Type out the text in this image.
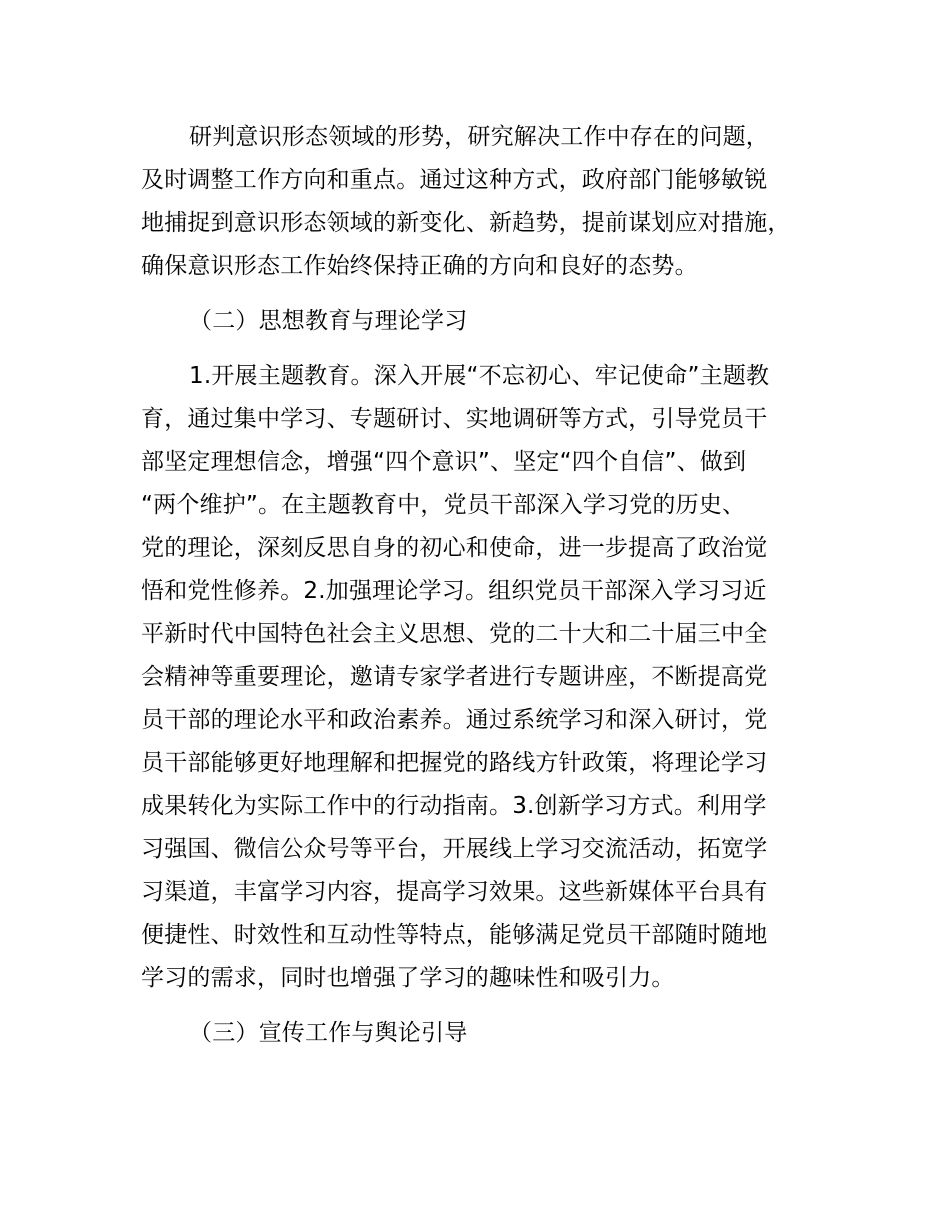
研判意识形态领域的形势，研究解决工作中存在的问题，

及时调整工作方向和重点。通过这种方式，政府部门能够敏锐

地捕捉到意识形态领域的新变化、新趋势，提前谋划应对措施，

确保意识形态工作始终保持正确的方向和良好的态势。

（二）思想教育与理论学习

1.开展主题教育。深入开展“不忘初心、牢记使命”主题教

育，通过集中学习、专题研讨、实地调研等方式，引导党员干

部坚定理想信念，增强“四个意识”、坚定“四个自信”、做到

“两个维护”。在主题教育中，党员干部深入学习党的历史、

党的理论，深刻反思自身的初心和使命，进一步提高了政治觉

悟和党性修养。2.加强理论学习。组织党员干部深入学习习近

平新时代中国特色社会主义思想、党的二十大和二十届三中全

会精神等重要理论，邀请专家学者进行专题讲座，不断提高党

员干部的理论水平和政治素养。通过系统学习和深入研讨，党

员干部能够更好地理解和把握党的路线方针政策，将理论学习

成果转化为实际工作中的行动指南。3.创新学习方式。利用学

习强国、微信公众号等平台，开展线上学习交流活动，拓宽学

习渠道，丰富学习内容，提高学习效果。这些新媒体平台具有

便捷性、时效性和互动性等特点，能够满足党员干部随时随地

学习的需求，同时也增强了学习的趣味性和吸引力。

（三）宣传工作与舆论引导
